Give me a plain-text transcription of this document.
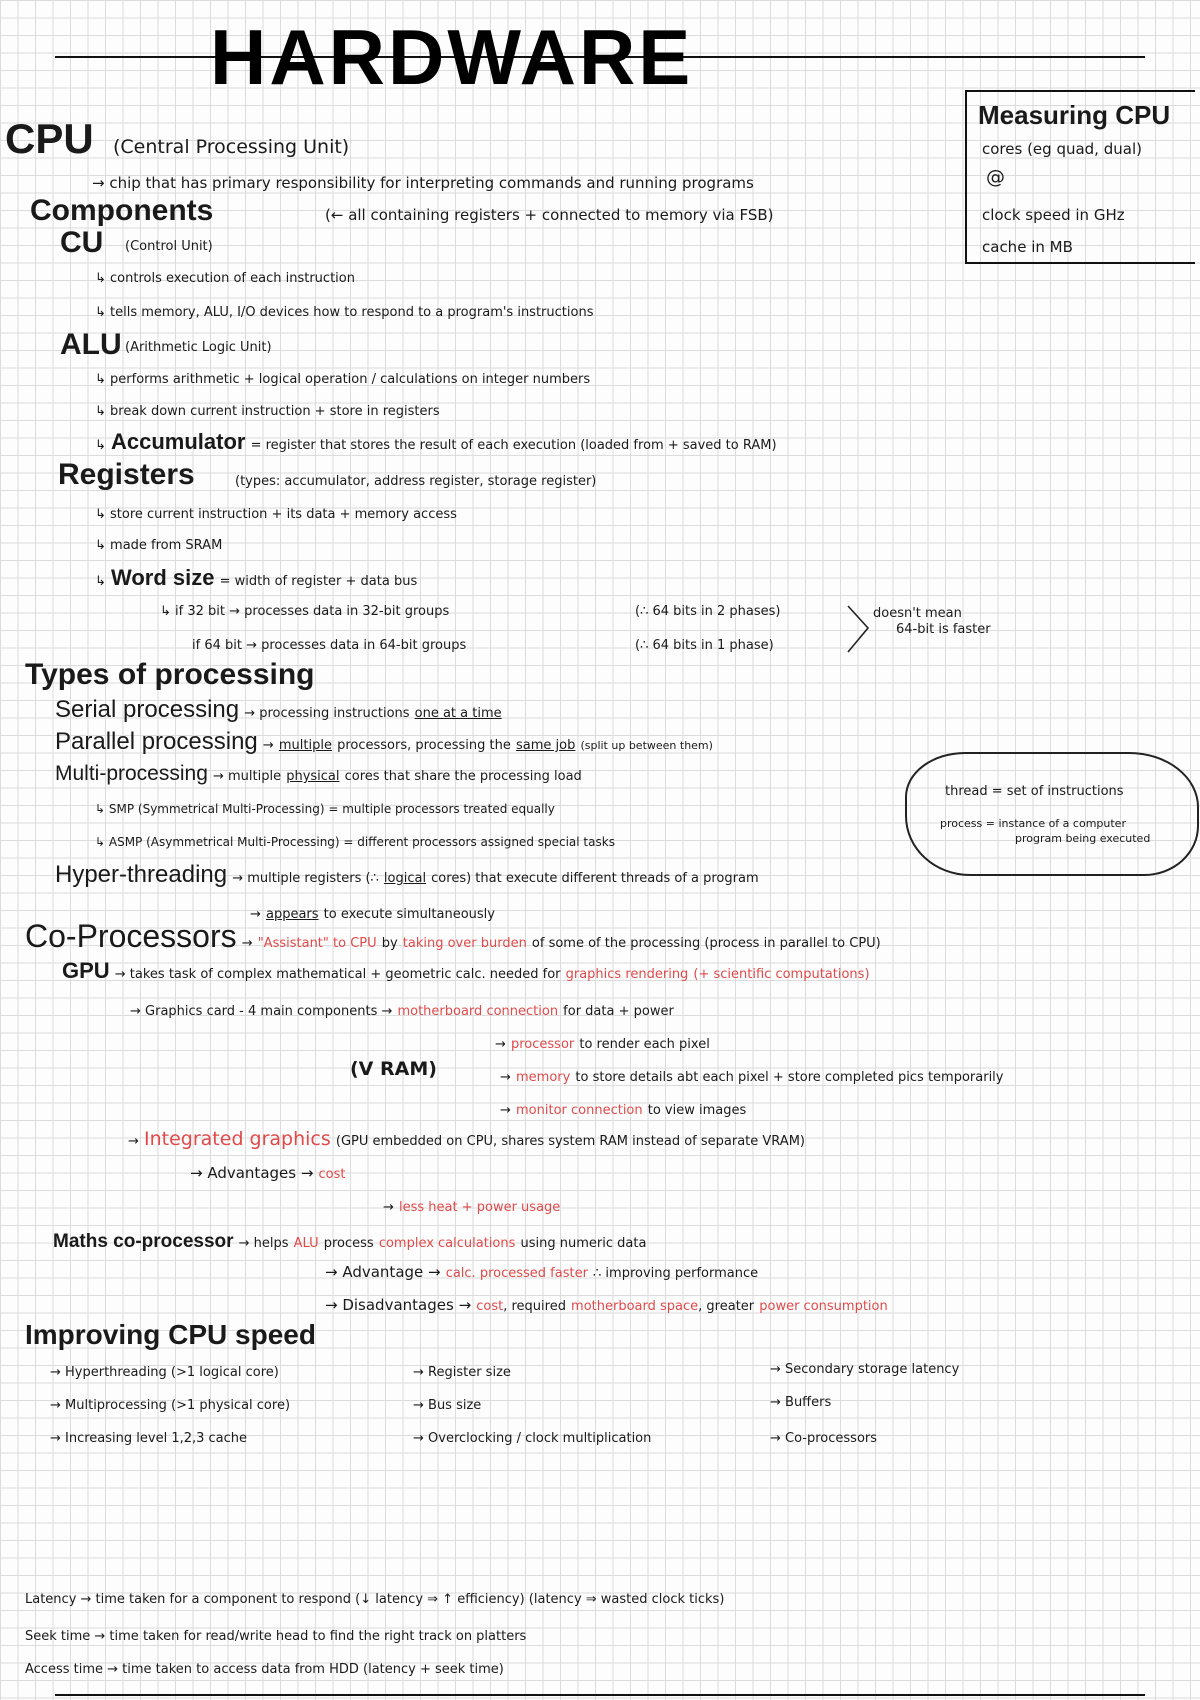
HARDWARE
Measuring CPU
cores (eg quad, dual)
@
clock speed in GHz
cache in MB
CPU (Central Processing Unit)
→ chip that has primary responsibility for interpreting commands and running programs
Components	(← all containing registers + connected to memory via FSB)
CU (Control Unit)
↳ controls execution of each instruction
↳ tells memory, ALU, I/O devices how to respond to a program's instructions
ALU (Arithmetic Logic Unit)
↳ performs arithmetic + logical operation / calculations on integer numbers
↳ break down current instruction + store in registers
↳ Accumulator = register that stores the result of each execution (loaded from + saved to RAM)
Registers	(types: accumulator, address register, storage register)
↳ store current instruction + its data + memory access
↳ made from SRAM
↳ Word size = width of register + data bus
↳ if 32 bit → processes data in 32-bit groups	(∴ 64 bits in 2 phases)
if 64 bit → processes data in 64-bit groups	(∴ 64 bits in 1 phase)
doesn't mean
64-bit is faster
Types of processing
Serial processing → processing instructions one at a time
Parallel processing → multiple processors, processing the same job (split up between them)
Multi-processing → multiple physical cores that share the processing load
↳ SMP (Symmetrical Multi-Processing) = multiple processors treated equally
↳ ASMP (Asymmetrical Multi-Processing) = different processors assigned special tasks
Hyper-threading → multiple registers (∴ logical cores) that execute different threads of a program
→ appears to execute simultaneously
thread = set of instructions
process = instance of a computer
program being executed
Co-Processors → "Assistant" to CPU by taking over burden of some of the processing (process in parallel to CPU)
GPU → takes task of complex mathematical + geometric calc. needed for graphics rendering (+ scientific computations)
→ Graphics card - 4 main components → motherboard connection for data + power
→ processor to render each pixel
(V RAM)	→ memory to store details abt each pixel + store completed pics temporarily
→ monitor connection to view images
→ Integrated graphics (GPU embedded on CPU, shares system RAM instead of separate VRAM)
→ Advantages → cost
→ less heat + power usage
Maths co-processor → helps ALU process complex calculations using numeric data
→ Advantage → calc. processed faster ∴ improving performance
→ Disadvantages → cost, required motherboard space, greater power consumption
Improving CPU speed
→ Hyperthreading (>1 logical core)
→ Multiprocessing (>1 physical core)
→ Increasing level 1,2,3 cache
→ Register size
→ Bus size
→ Overclocking / clock multiplication
→ Secondary storage latency
→ Buffers
→ Co-processors
Latency → time taken for a component to respond (↓ latency ⇒ ↑ efficiency) (latency ⇒ wasted clock ticks)
Seek time → time taken for read/write head to find the right track on platters
Access time → time taken to access data from HDD (latency + seek time)
